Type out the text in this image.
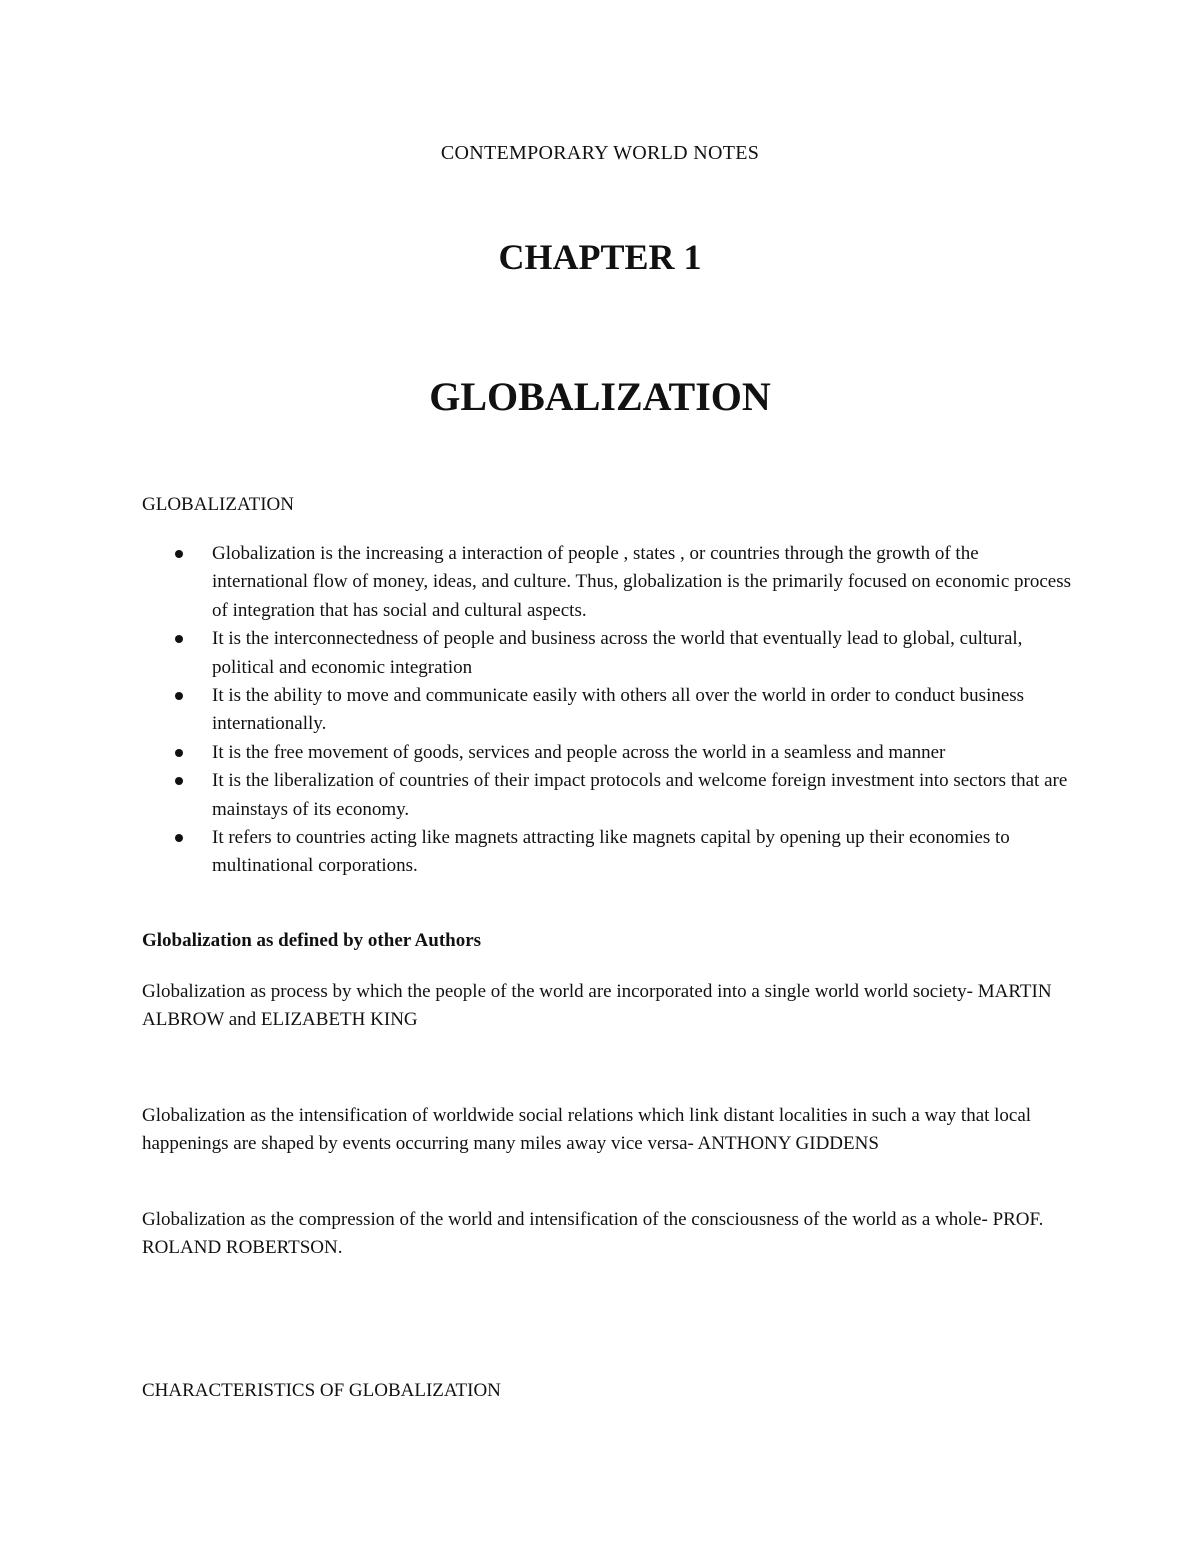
CONTEMPORARY WORLD NOTES
CHAPTER 1
GLOBALIZATION
GLOBALIZATION
Globalization is the increasing a interaction of people , states , or countries through the growth of the international flow of money, ideas, and culture. Thus, globalization is the primarily focused on economic process of integration that has social and cultural aspects.
It is the interconnectedness of people and business across the world that eventually lead to global, cultural, political and economic integration
It is the ability to move and communicate easily with others all over the world in order to conduct business internationally.
It is the free movement of goods, services and people across the world in a seamless and manner
It is the liberalization of countries of their impact protocols and welcome foreign investment into sectors that are mainstays of its economy.
It refers to countries acting like magnets attracting like magnets capital by opening up their economies to multinational corporations.
Globalization as defined by other Authors

Globalization as process by which the people of the world are incorporated into a single world world society- MARTIN ALBROW and ELIZABETH KING

Globalization as the intensification of worldwide social relations which link distant localities in such a way that local happenings are shaped by events occurring many miles away vice versa- ANTHONY GIDDENS

Globalization as the compression of the world and intensification of the consciousness of the world as a whole- PROF. ROLAND ROBERTSON.

CHARACTERISTICS OF GLOBALIZATION
